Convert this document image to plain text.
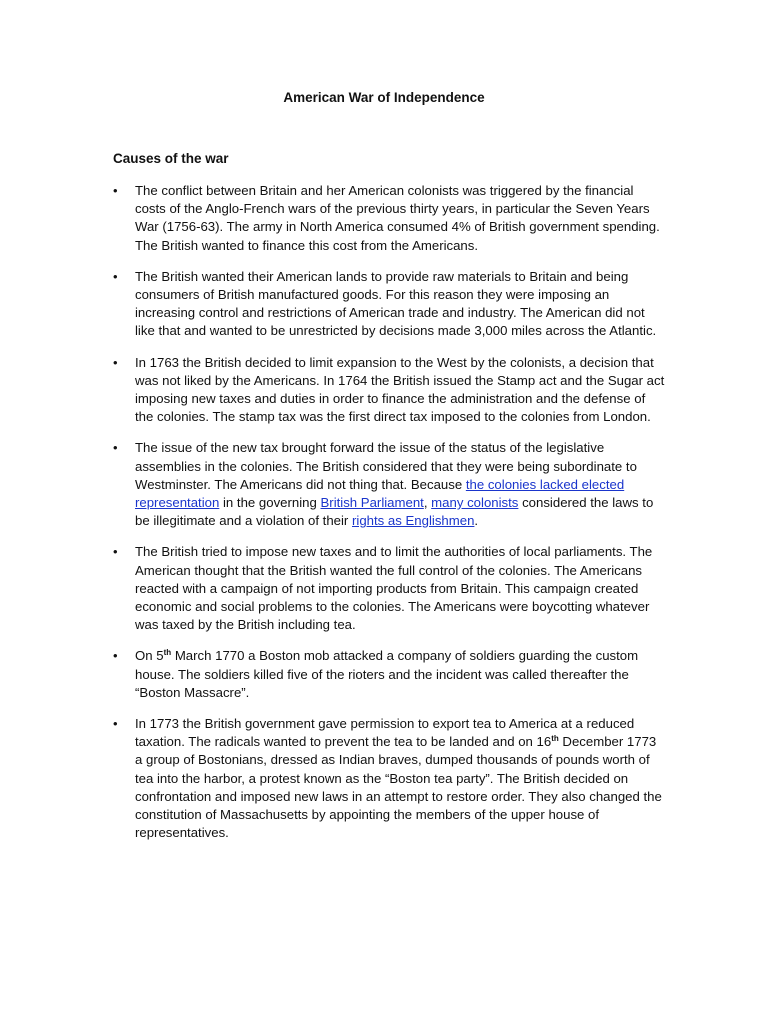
American War of Independence
Causes of the war
• The conflict between Britain and her American colonists was triggered by the financial costs of the Anglo-French wars of the previous thirty years, in particular the Seven Years War (1756-63). The army in North America consumed 4% of British government spending. The British wanted to finance this cost from the Americans.
• The British wanted their American lands to provide raw materials to Britain and being consumers of British manufactured goods. For this reason they were imposing an increasing control and restrictions of American trade and industry. The American did not like that and wanted to be unrestricted by decisions made 3,000 miles across the Atlantic.
• In 1763 the British decided to limit expansion to the West by the colonists, a decision that was not liked by the Americans. In 1764 the British issued the Stamp act and the Sugar act imposing new taxes and duties in order to finance the administration and the defense of the colonies. The stamp tax was the first direct tax imposed to the colonies from London.
• The issue of the new tax brought forward the issue of the status of the legislative assemblies in the colonies. The British considered that they were being subordinate to Westminster. The Americans did not thing that. Because the colonies lacked elected representation in the governing British Parliament, many colonists considered the laws to be illegitimate and a violation of their rights as Englishmen.
• The British tried to impose new taxes and to limit the authorities of local parliaments. The American thought that the British wanted the full control of the colonies. The Americans reacted with a campaign of not importing products from Britain. This campaign created economic and social problems to the colonies. The Americans were boycotting whatever was taxed by the British including tea.
• On 5th March 1770 a Boston mob attacked a company of soldiers guarding the custom house. The soldiers killed five of the rioters and the incident was called thereafter the “Boston Massacre”.
• In 1773 the British government gave permission to export tea to America at a reduced taxation. The radicals wanted to prevent the tea to be landed and on 16th December 1773 a group of Bostonians, dressed as Indian braves, dumped thousands of pounds worth of tea into the harbor, a protest known as the “Boston tea party”. The British decided on confrontation and imposed new laws in an attempt to restore order. They also changed the constitution of Massachusetts by appointing the members of the upper house of representatives.
